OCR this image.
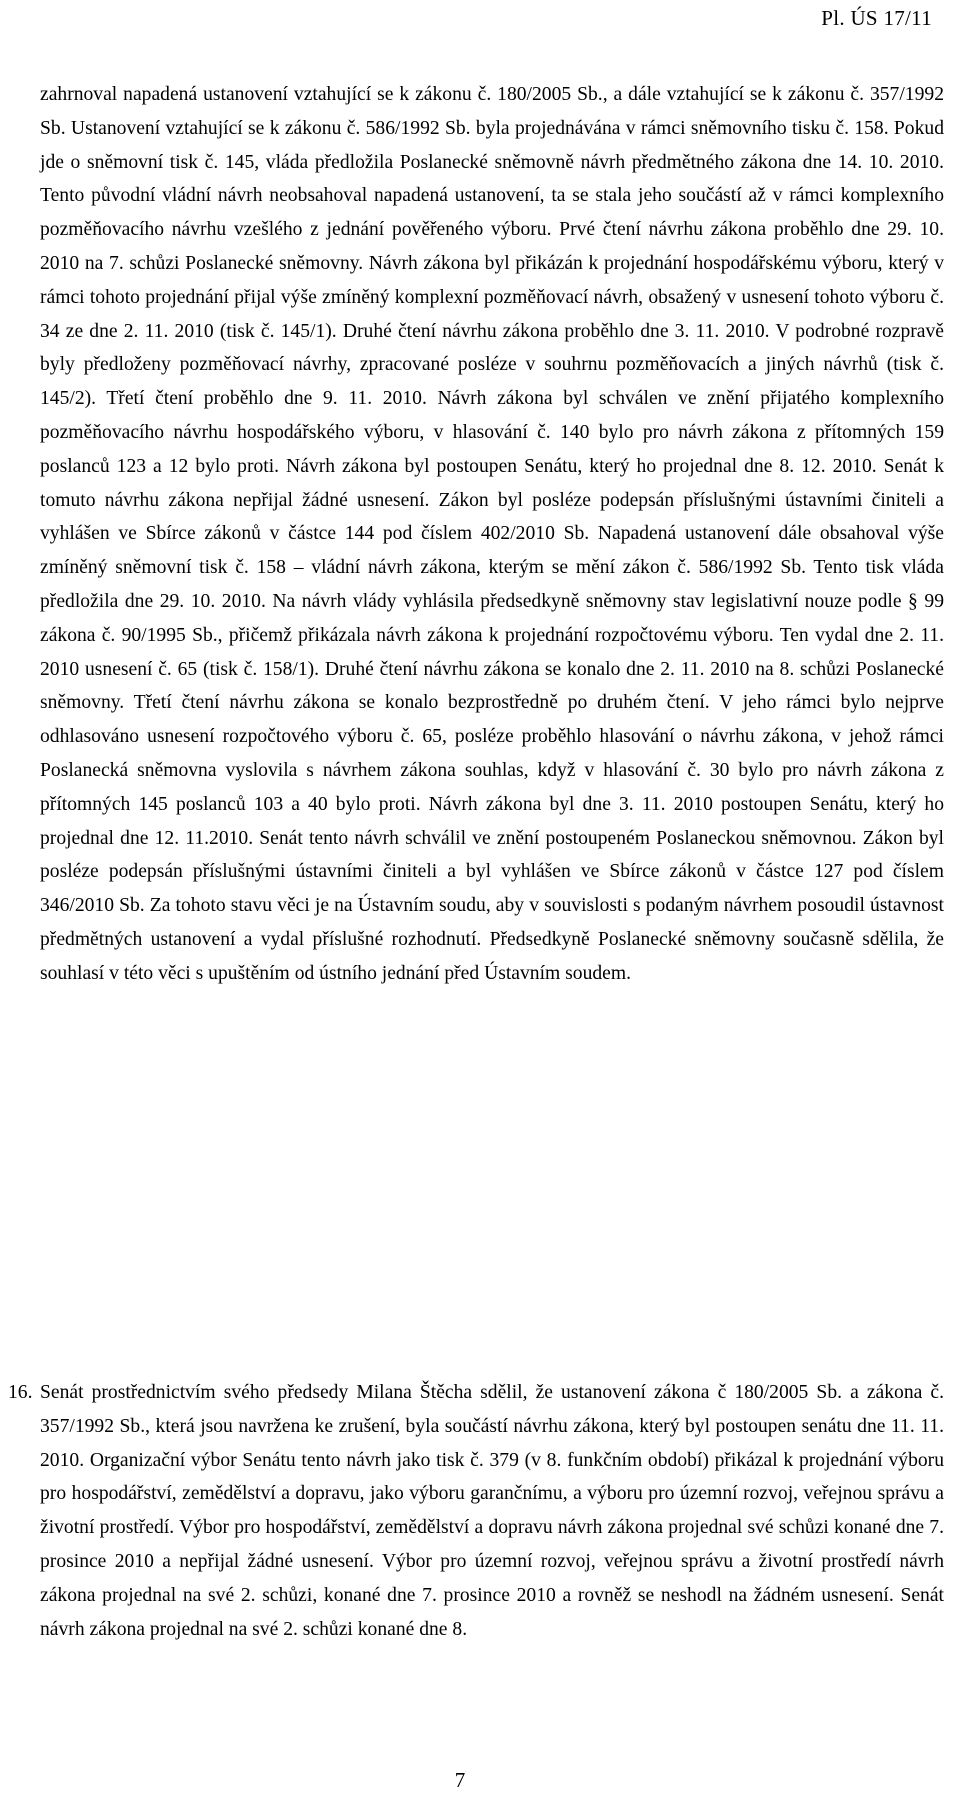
Pl. ÚS 17/11
zahrnoval napadená ustanovení vztahující se k zákonu č. 180/2005 Sb., a dále vztahující se k zákonu č. 357/1992 Sb. Ustanovení vztahující se k zákonu č. 586/1992 Sb. byla projednávána v rámci sněmovního tisku č. 158. Pokud jde o sněmovní tisk č. 145, vláda předložila Poslanecké sněmovně návrh předmětného zákona dne 14. 10. 2010. Tento původní vládní návrh neobsahoval napadená ustanovení, ta se stala jeho součástí až v rámci komplexního pozměňovacího návrhu vzešlého z jednání pověřeného výboru. Prvé čtení návrhu zákona proběhlo dne 29. 10. 2010 na 7. schůzi Poslanecké sněmovny. Návrh zákona byl přikázán k projednání hospodářskému výboru, který v rámci tohoto projednání přijal výše zmíněný komplexní pozměňovací návrh, obsažený v usnesení tohoto výboru č. 34 ze dne 2. 11. 2010 (tisk č. 145/1). Druhé čtení návrhu zákona proběhlo dne 3. 11. 2010. V podrobné rozpravě byly předloženy pozměňovací návrhy, zpracované posléze v souhrnu pozměňovacích a jiných návrhů (tisk č. 145/2). Třetí čtení proběhlo dne 9. 11. 2010. Návrh zákona byl schválen ve znění přijatého komplexního pozměňovacího návrhu hospodářského výboru, v hlasování č. 140 bylo pro návrh zákona z přítomných 159 poslanců 123 a 12 bylo proti. Návrh zákona byl postoupen Senátu, který ho projednal dne 8. 12. 2010. Senát k tomuto návrhu zákona nepřijal žádné usnesení. Zákon byl posléze podepsán příslušnými ústavními činiteli a vyhlášen ve Sbírce zákonů v částce 144 pod číslem 402/2010 Sb. Napadená ustanovení dále obsahoval výše zmíněný sněmovní tisk č. 158 – vládní návrh zákona, kterým se mění zákon č. 586/1992 Sb. Tento tisk vláda předložila dne 29. 10. 2010. Na návrh vlády vyhlásila předsedkyně sněmovny stav legislativní nouze podle § 99 zákona č. 90/1995 Sb., přičemž přikázala návrh zákona k projednání rozpočtovému výboru. Ten vydal dne 2. 11. 2010 usnesení č. 65 (tisk č. 158/1). Druhé čtení návrhu zákona se konalo dne 2. 11. 2010 na 8. schůzi Poslanecké sněmovny. Třetí čtení návrhu zákona se konalo bezprostředně po druhém čtení. V jeho rámci bylo nejprve odhlasováno usnesení rozpočtového výboru č. 65, posléze proběhlo hlasování o návrhu zákona, v jehož rámci Poslanecká sněmovna vyslovila s návrhem zákona souhlas, když v hlasování č. 30 bylo pro návrh zákona z přítomných 145 poslanců 103 a 40 bylo proti. Návrh zákona byl dne 3. 11. 2010 postoupen Senátu, který ho projednal dne 12. 11.2010. Senát tento návrh schválil ve znění postoupeném Poslaneckou sněmovnou. Zákon byl posléze podepsán příslušnými ústavními činiteli a byl vyhlášen ve Sbírce zákonů v částce 127 pod číslem 346/2010 Sb. Za tohoto stavu věci je na Ústavním soudu, aby v souvislosti s podaným návrhem posoudil ústavnost předmětných ustanovení a vydal příslušné rozhodnutí. Předsedkyně Poslanecké sněmovny současně sdělila, že souhlasí v této věci s upuštěním od ústního jednání před Ústavním soudem.
16. Senát prostřednictvím svého předsedy Milana Štěcha sdělil, že ustanovení zákona č 180/2005 Sb. a zákona č. 357/1992 Sb., která jsou navržena ke zrušení, byla součástí návrhu zákona, který byl postoupen senátu dne 11. 11. 2010. Organizační výbor Senátu tento návrh jako tisk č. 379 (v 8. funkčním období) přikázal k projednání výboru pro hospodářství, zemědělství a dopravu, jako výboru garančnímu, a výboru pro územní rozvoj, veřejnou správu a životní prostředí. Výbor pro hospodářství, zemědělství a dopravu návrh zákona projednal své schůzi konané dne 7. prosince 2010 a nepřijal žádné usnesení. Výbor pro územní rozvoj, veřejnou správu a životní prostředí návrh zákona projednal na své 2. schůzi, konané dne 7. prosince 2010 a rovněž se neshodl na žádném usnesení. Senát návrh zákona projednal na své 2. schůzi konané dne 8.
7
